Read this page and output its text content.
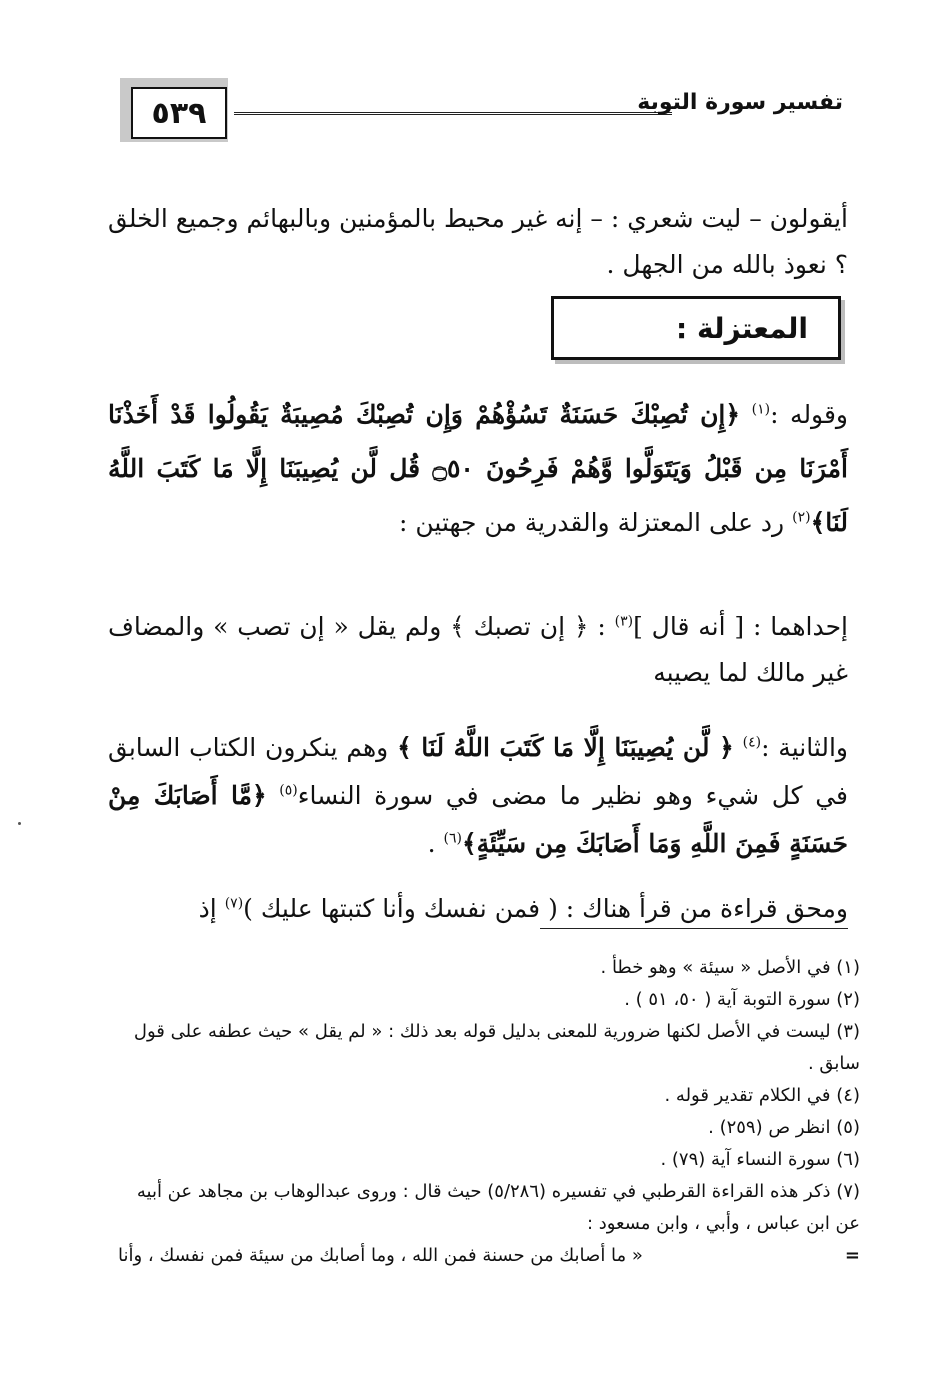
٥٣٩	تفسير سورة التوبة
أيقولون – ليت شعري : – إنه غير محيط بالمؤمنين وبالبهائم وجميع الخلق ؟ نعوذ بالله من الجهل .
المعتزلة :
وقوله :$^{(١)}$ ﴿إِن تُصِبْكَ حَسَنَةٌ تَسُؤْهُمْ وَإِن تُصِبْكَ مُصِيبَةٌ يَقُولُوا قَدْ أَخَذْنَا أَمْرَنَا مِن قَبْلُ وَيَتَوَلَّوا وَّهُمْ فَرِحُونَ ۝٥٠ قُل لَّن يُصِيبَنَا إِلَّا مَا كَتَبَ اللَّهُ لَنَا﴾$^{(٢)}$ رد على المعتزلة والقدرية من جهتين :
إحداهما : [ أنه قال ]$^{(٣)}$ : ﴿ إن تصبك ﴾ ولم يقل « إن تصب » والمضاف غير مالك لما يصيبه
والثانية :$^{(٤)}$ ﴿ لَّن يُصِيبَنَا إِلَّا مَا كَتَبَ اللَّهُ لَنَا ﴾ وهم ينكرون الكتاب السابق في كل شيء وهو نظير ما مضى في سورة النساء$^{(٥)}$ ﴿مَّا أَصَابَكَ مِنْ حَسَنَةٍ فَمِنَ اللَّهِ وَمَا أَصَابَكَ مِن سَيِّئَةٍ﴾$^{(٦)}$ .
ومحق قراءة من قرأ هناك : ( فمن نفسك وأنا كتبتها عليك )$^{(٧)}$ إذ

(١) في الأصل « سيئة » وهو خطأ .

(٢) سورة التوبة آية ( ٥٠، ٥١ ) .

(٣) ليست في الأصل لكنها ضرورية للمعنى بدليل قوله بعد ذلك : « لم يقل » حيث عطفه على قول سابق .

(٤) في الكلام تقدير قوله .

(٥) انظر ص (٢٥٩) .

(٦) سورة النساء آية (٧٩) .

(٧) ذكر هذه القراءة القرطبي في تفسيره (٥/٢٨٦) حيث قال : وروى عبدالوهاب بن مجاهد عن أبيه عن ابن عباس ، وأبي ، وابن مسعود :

« ما أصابك من حسنة فمن الله ، وما أصابك من سيئة فمن نفسك ، وأنا	=
